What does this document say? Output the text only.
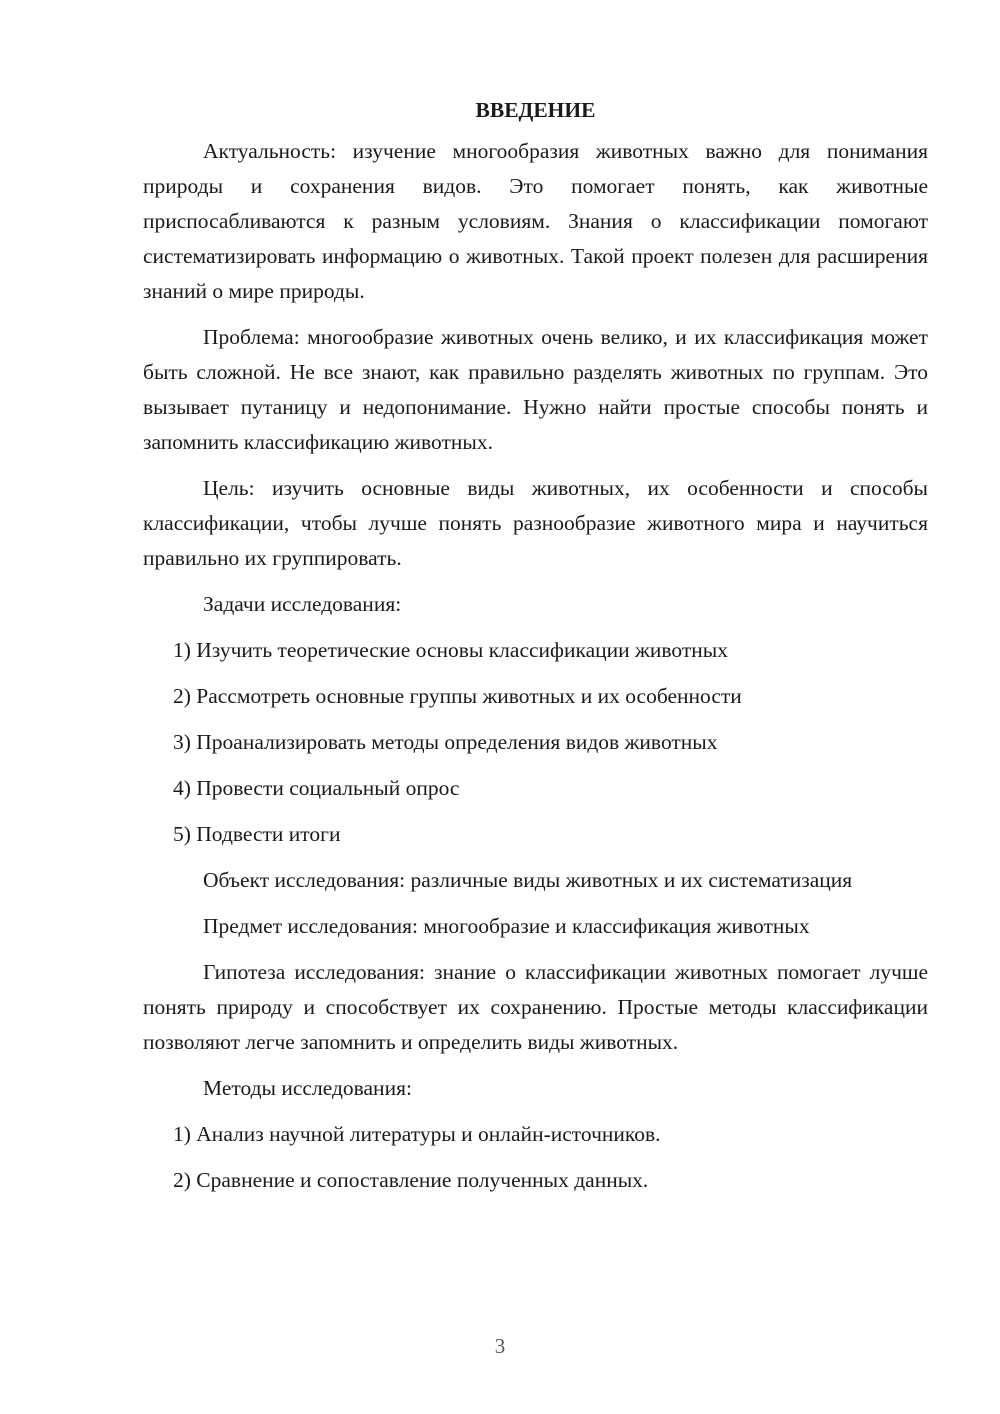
ВВЕДЕНИЕ

Актуальность: изучение многообразия животных важно для понимания природы и сохранения видов. Это помогает понять, как животные приспосабливаются к разным условиям. Знания о классификации помогают систематизировать информацию о животных. Такой проект полезен для расширения знаний о мире природы.

Проблема: многообразие животных очень велико, и их классификация может быть сложной. Не все знают, как правильно разделять животных по группам. Это вызывает путаницу и недопонимание. Нужно найти простые способы понять и запомнить классификацию животных.

Цель: изучить основные виды животных, их особенности и способы классификации, чтобы лучше понять разнообразие животного мира и научиться правильно их группировать.

Задачи исследования:
1) Изучить теоретические основы классификации животных
2) Рассмотреть основные группы животных и их особенности
3) Проанализировать методы определения видов животных
4) Провести социальный опрос
5) Подвести итоги

Объект исследования: различные виды животных и их систематизация

Предмет исследования: многообразие и классификация животных

Гипотеза исследования: знание о классификации животных помогает лучше понять природу и способствует их сохранению. Простые методы классификации позволяют легче запомнить и определить виды животных.

Методы исследования:
1) Анализ научной литературы и онлайн-источников.
2) Сравнение и сопоставление полученных данных.
3
